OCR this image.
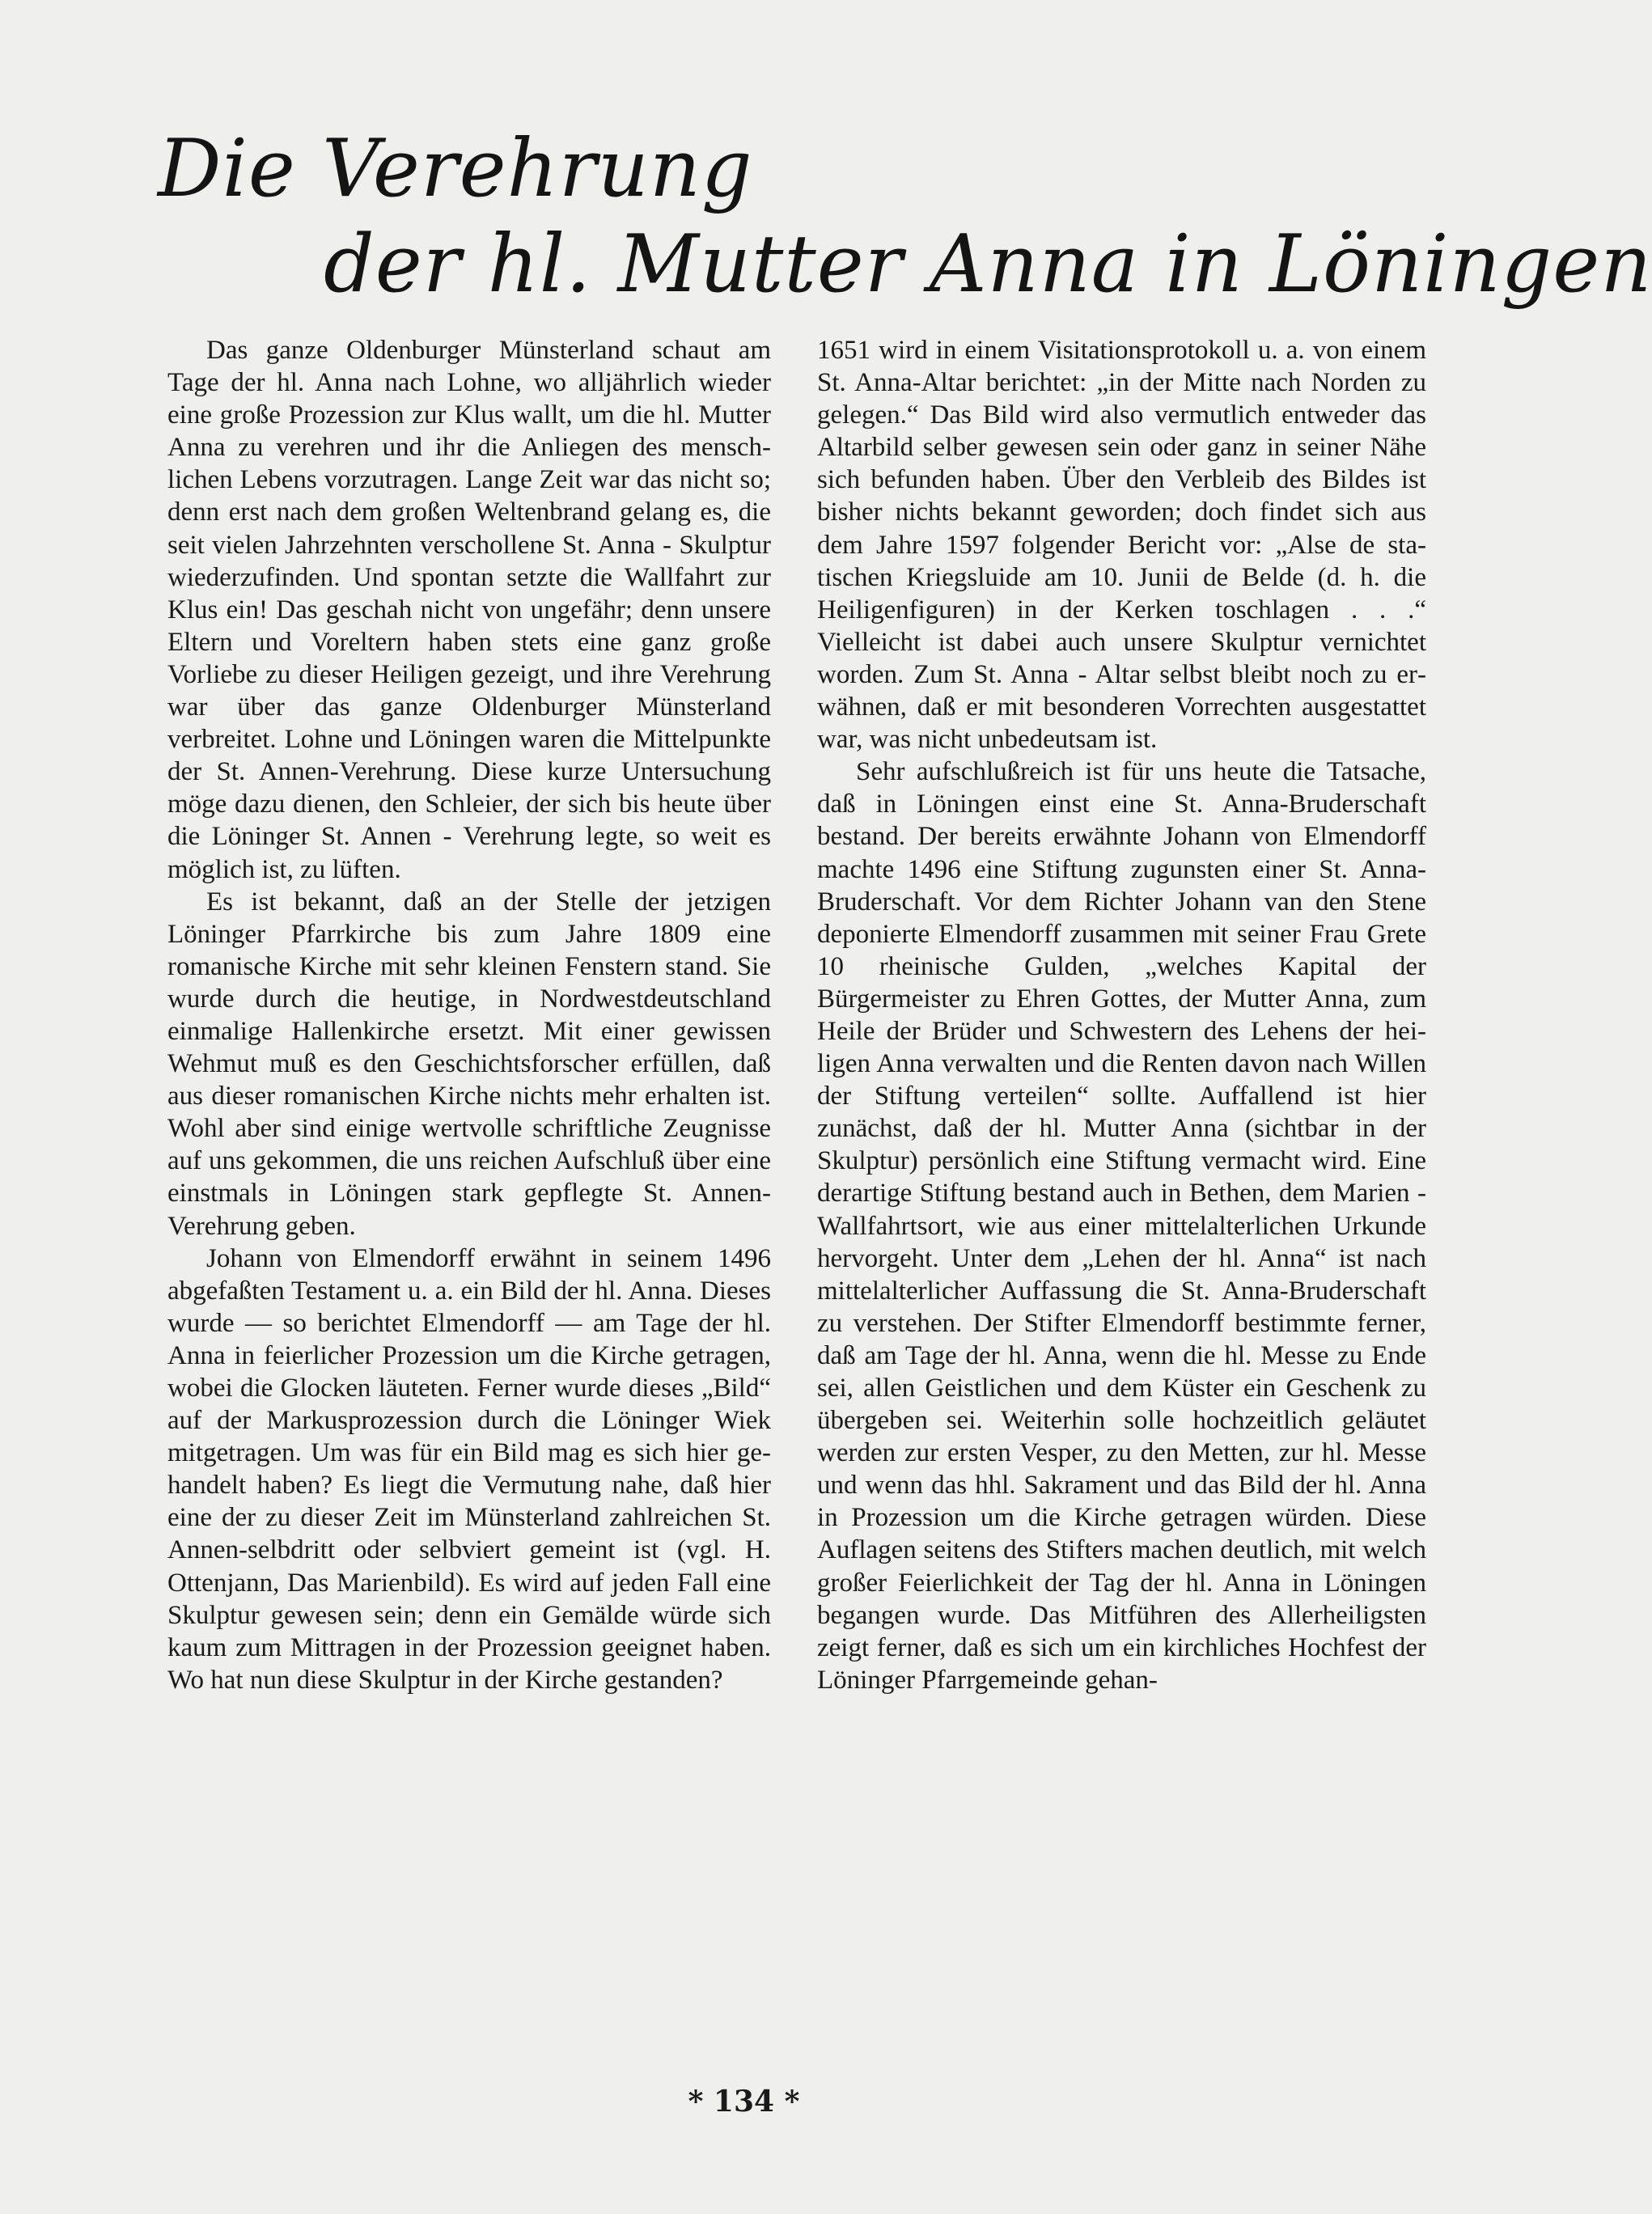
Die Verehrung
der hl. Mutter Anna in Löningen

Das ganze Oldenburger Münsterland schaut am Tage der hl. Anna nach Lohne, wo alljährlich wieder eine große Prozession zur Klus wallt, um die hl. Mutter Anna zu verehren und ihr die Anliegen des menschlichen Lebens vorzutragen. Lange Zeit war das nicht so; denn erst nach dem großen Weltenbrand gelang es, die seit vielen Jahrzehnten verschollene St. Anna - Skulptur wiederzufinden. Und spontan setzte die Wallfahrt zur Klus ein! Das geschah nicht von ungefähr; denn unsere Eltern und Voreltern haben stets eine ganz große Vorliebe zu dieser Heiligen gezeigt, und ihre Verehrung war über das ganze Oldenburger Münsterland verbreitet. Lohne und Löningen waren die Mittelpunkte der St. Annen-Verehrung. Diese kurze Untersuchung möge dazu dienen, den Schleier, der sich bis heute über die Löninger St. Annen - Verehrung legte, so weit es möglich ist, zu lüften.

Es ist bekannt, daß an der Stelle der jetzigen Löninger Pfarrkirche bis zum Jahre 1809 eine romanische Kirche mit sehr kleinen Fenstern stand. Sie wurde durch die heutige, in Nordwestdeutschland einmalige Hallenkirche ersetzt. Mit einer gewissen Wehmut muß es den Geschichtsforscher erfüllen, daß aus dieser romanischen Kirche nichts mehr erhalten ist. Wohl aber sind einige wertvolle schriftliche Zeugnisse auf uns gekommen, die uns reichen Aufschluß über eine einstmals in Löningen stark gepflegte St. Annen-Verehrung geben.

Johann von Elmendorff erwähnt in seinem 1496 abgefaßten Testament u. a. ein Bild der hl. Anna. Dieses wurde — so berichtet Elmendorff — am Tage der hl. Anna in feierlicher Prozession um die Kirche getragen, wobei die Glocken läuteten. Ferner wurde dieses „Bild“ auf der Markusprozession durch die Löninger Wiek mitgetragen. Um was für ein Bild mag es sich hier gehandelt haben? Es liegt die Vermutung nahe, daß hier eine der zu dieser Zeit im Münsterland zahlreichen St. Annen-selbdritt oder selbviert gemeint ist (vgl. H. Ottenjann, Das Marienbild). Es wird auf jeden Fall eine Skulptur gewesen sein; denn ein Gemälde würde sich kaum zum Mittragen in der Prozession geeignet haben. Wo hat nun diese Skulptur in der Kirche gestanden?

1651 wird in einem Visitationsprotokoll u. a. von einem St. Anna-Altar berichtet: „in der Mitte nach Norden zu gelegen.“ Das Bild wird also vermutlich entweder das Altarbild selber gewesen sein oder ganz in seiner Nähe sich befunden haben. Über den Verbleib des Bildes ist bisher nichts bekannt geworden; doch findet sich aus dem Jahre 1597 folgender Bericht vor: „Alse de statischen Kriegsluide am 10. Junii de Belde (d. h. die Heiligenfiguren) in der Kerken toschlagen . . .“ Vielleicht ist dabei auch unsere Skulptur vernichtet worden. Zum St. Anna - Altar selbst bleibt noch zu erwähnen, daß er mit besonderen Vorrechten ausgestattet war, was nicht unbedeutsam ist.

Sehr aufschlußreich ist für uns heute die Tatsache, daß in Löningen einst eine St. Anna-Bruderschaft bestand. Der bereits erwähnte Johann von Elmendorff machte 1496 eine Stiftung zugunsten einer St. Anna-Bruderschaft. Vor dem Richter Johann van den Stene deponierte Elmendorff zusammen mit seiner Frau Grete 10 rheinische Gulden, „welches Kapital der Bürgermeister zu Ehren Gottes, der Mutter Anna, zum Heile der Brüder und Schwestern des Lehens der heiligen Anna verwalten und die Renten davon nach Willen der Stiftung verteilen“ sollte. Auffallend ist hier zunächst, daß der hl. Mutter Anna (sichtbar in der Skulptur) persönlich eine Stiftung vermacht wird. Eine derartige Stiftung bestand auch in Bethen, dem Marien - Wallfahrtsort, wie aus einer mittelalterlichen Urkunde hervorgeht. Unter dem „Lehen der hl. Anna“ ist nach mittelalterlicher Auffassung die St. Anna-Bruderschaft zu verstehen. Der Stifter Elmendorff bestimmte ferner, daß am Tage der hl. Anna, wenn die hl. Messe zu Ende sei, allen Geistlichen und dem Küster ein Geschenk zu übergeben sei. Weiterhin solle hochzeitlich geläutet werden zur ersten Vesper, zu den Metten, zur hl. Messe und wenn das hhl. Sakrament und das Bild der hl. Anna in Prozession um die Kirche getragen würden. Diese Auflagen seitens des Stifters machen deutlich, mit welch großer Feierlichkeit der Tag der hl. Anna in Löningen begangen wurde. Das Mitführen des Allerheiligsten zeigt ferner, daß es sich um ein kirchliches Hochfest der Löninger Pfarrgemeinde gehan-

* 134 *
